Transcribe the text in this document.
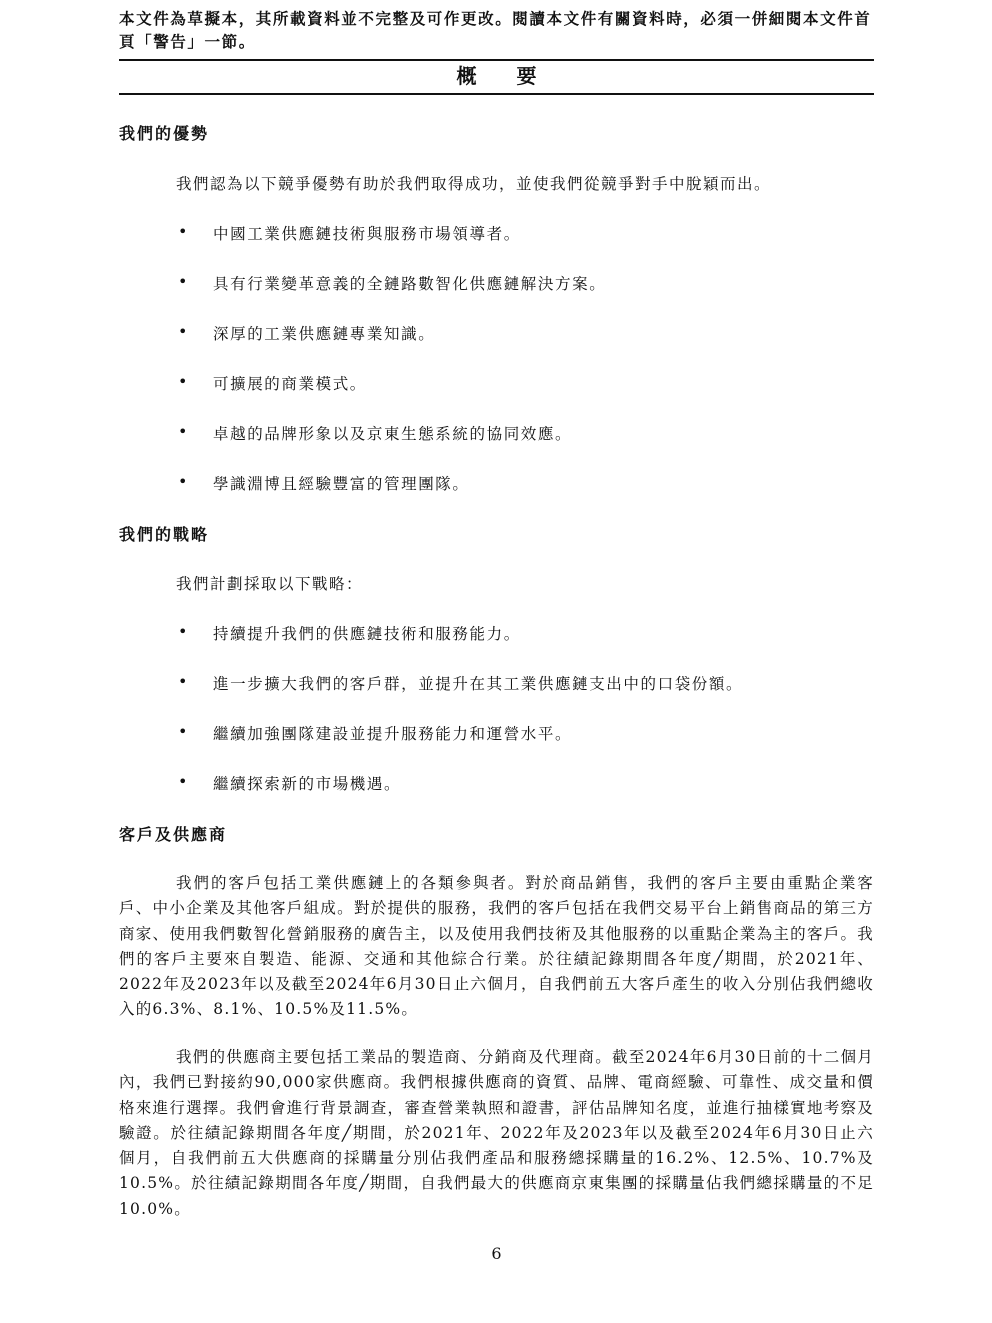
本文件為草擬本，其所載資料並不完整及可作更改。閱讀本文件有關資料時，必須一併細閱本文件首頁「警告」一節。

概要
我們的優勢

我們認為以下競爭優勢有助於我們取得成功，並使我們從競爭對手中脫穎而出。

• 中國工業供應鏈技術與服務市場領導者。
• 具有行業變革意義的全鏈路數智化供應鏈解決方案。
• 深厚的工業供應鏈專業知識。
• 可擴展的商業模式。
• 卓越的品牌形象以及京東生態系統的協同效應。
• 學識淵博且經驗豐富的管理團隊。
我們的戰略

我們計劃採取以下戰略：

• 持續提升我們的供應鏈技術和服務能力。
• 進一步擴大我們的客戶群，並提升在其工業供應鏈支出中的口袋份額。
• 繼續加強團隊建設並提升服務能力和運營水平。
• 繼續探索新的市場機遇。
客戶及供應商

我們的客戶包括工業供應鏈上的各類參與者。對於商品銷售，我們的客戶主要由重點企業客戶、中小企業及其他客戶組成。對於提供的服務，我們的客戶包括在我們交易平台上銷售商品的第三方商家、使用我們數智化營銷服務的廣告主，以及使用我們技術及其他服務的以重點企業為主的客戶。我們的客戶主要來自製造、能源、交通和其他綜合行業。於往績記錄期間各年度╱期間，於2021年、2022年及2023年以及截至2024年6月30日止六個月，自我們前五大客戶產生的收入分別佔我們總收入的6.3%、8.1%、10.5%及11.5%。

我們的供應商主要包括工業品的製造商、分銷商及代理商。截至2024年6月30日前的十二個月內，我們已對接約90,000家供應商。我們根據供應商的資質、品牌、電商經驗、可靠性、成交量和價格來進行選擇。我們會進行背景調查，審查營業執照和證書，評估品牌知名度，並進行抽樣實地考察及驗證。於往績記錄期間各年度╱期間，於2021年、2022年及2023年以及截至2024年6月30日止六個月，自我們前五大供應商的採購量分別佔我們產品和服務總採購量的16.2%、12.5%、10.7%及10.5%。於往績記錄期間各年度╱期間，自我們最大的供應商京東集團的採購量佔我們總採購量的不足10.0%。

6
